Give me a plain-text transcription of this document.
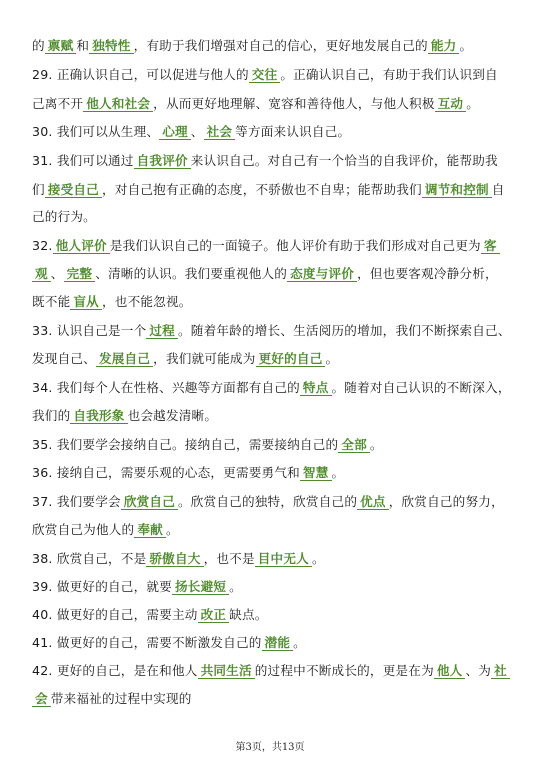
的 禀赋 和 独特性 ，有助于我们增强对自己的信心，更好地发展自己的 能力 。
29. 正确认识自己，可以促进与他人的 交往 。正确认识自己，有助于我们认识到自
己离不开 他人和社会 ，从而更好地理解、宽容和善待他人，与他人积极 互动 。
30. 我们可以从生理、 心理 、 社会 等方面来认识自己。
31. 我们可以通过 自我评价 来认识自己。对自己有一个恰当的自我评价，能帮助我
们 接受自己 ，对自己抱有正确的态度，不骄傲也不自卑；能帮助我们 调节和控制 自
己的行为。
32. 他人评价 是我们认识自己的一面镜子。他人评价有助于我们形成对自己更为 客
观 、 完整 、清晰的认识。我们要重视他人的 态度与评价 ，但也要客观冷静分析，
既不能 盲从 ，也不能忽视。
33. 认识自己是一个 过程 。随着年龄的增长、生活阅历的增加，我们不断探索自己、
发现自己、 发展自己 ，我们就可能成为 更好的自己 。
34. 我们每个人在性格、兴趣等方面都有自己的 特点 。随着对自己认识的不断深入，
我们的 自我形象 也会越发清晰。
35. 我们要学会接纳自己。接纳自己，需要接纳自己的 全部 。
36. 接纳自己，需要乐观的心态，更需要勇气和 智慧 。
37. 我们要学会 欣赏自己 。欣赏自己的独特，欣赏自己的 优点 ，欣赏自己的努力，
欣赏自己为他人的 奉献 。
38. 欣赏自己，不是 骄傲自大 ，也不是 目中无人 。
39. 做更好的自己，就要 扬长避短 。
40. 做更好的自己，需要主动 改正 缺点。
41. 做更好的自己，需要不断激发自己的 潜能 。
42. 更好的自己，是在和他人 共同生活 的过程中不断成长的，更是在为 他人 、为 社
会 带来福祉的过程中实现的
第3页，共13页
